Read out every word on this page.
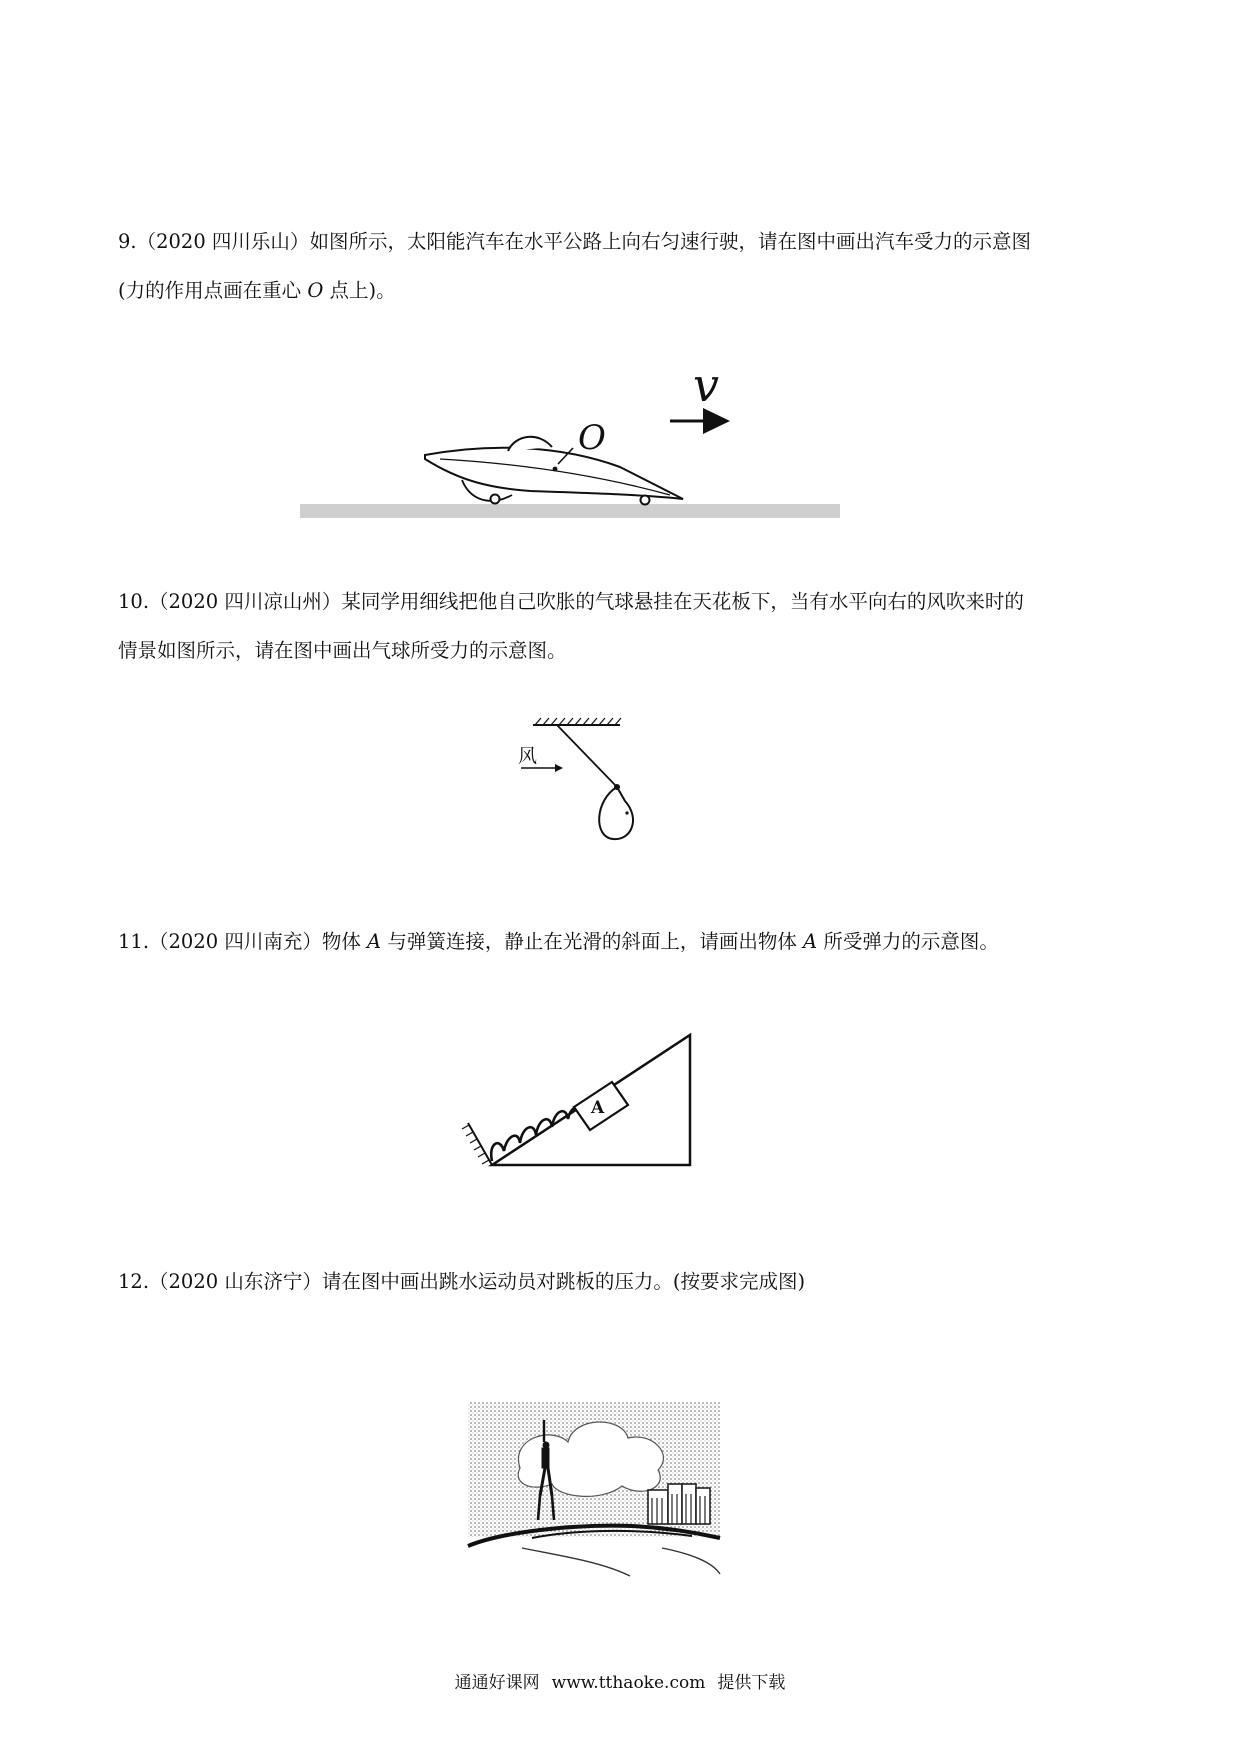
9.（2020 四川乐山）如图所示，太阳能汽车在水平公路上向右匀速行驶，请在图中画出汽车受力的示意图

(力的作用点画在重心 O 点上)。

O
v

10.（2020 四川凉山州）某同学用细线把他自己吹胀的气球悬挂在天花板下，当有水平向右的风吹来时的

情景如图所示，请在图中画出气球所受力的示意图。

风

11.（2020 四川南充）物体 A 与弹簧连接，静止在光滑的斜面上，请画出物体 A 所受弹力的示意图。

A

12.（2020 山东济宁）请在图中画出跳水运动员对跳板的压力。(按要求完成图)

通通好课网 www.tthaoke.com 提供下载
